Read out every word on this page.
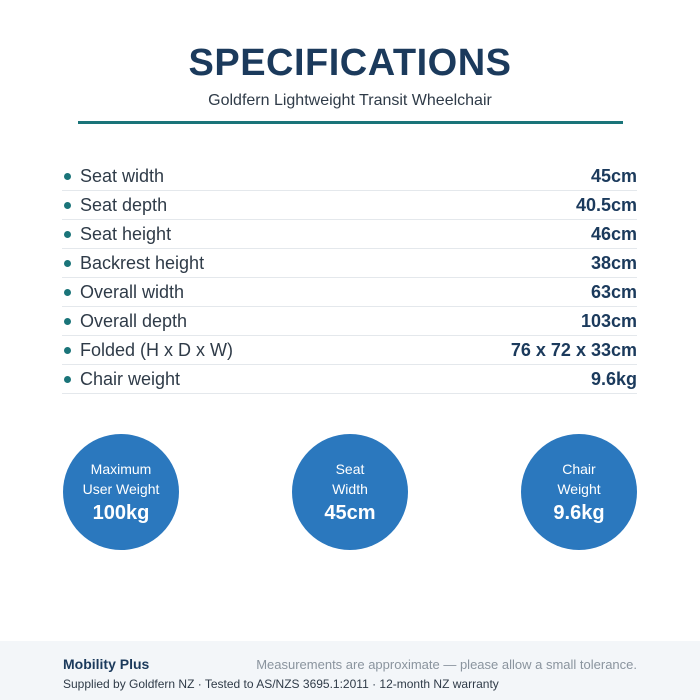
SPECIFICATIONS
Goldfern Lightweight Transit Wheelchair
Seat width	45cm
Seat depth	40.5cm
Seat height	46cm
Backrest height	38cm
Overall width	63cm
Overall depth	103cm
Folded (H x D x W)	76 x 72 x 33cm
Chair weight	9.6kg
Maximum
User Weight
100kg
Seat
Width
45cm
Chair
Weight
9.6kg
Mobility Plus	Measurements are approximate — please allow a small tolerance.
Supplied by Goldfern NZ · Tested to AS/NZS 3695.1:2011 · 12-month NZ warranty
